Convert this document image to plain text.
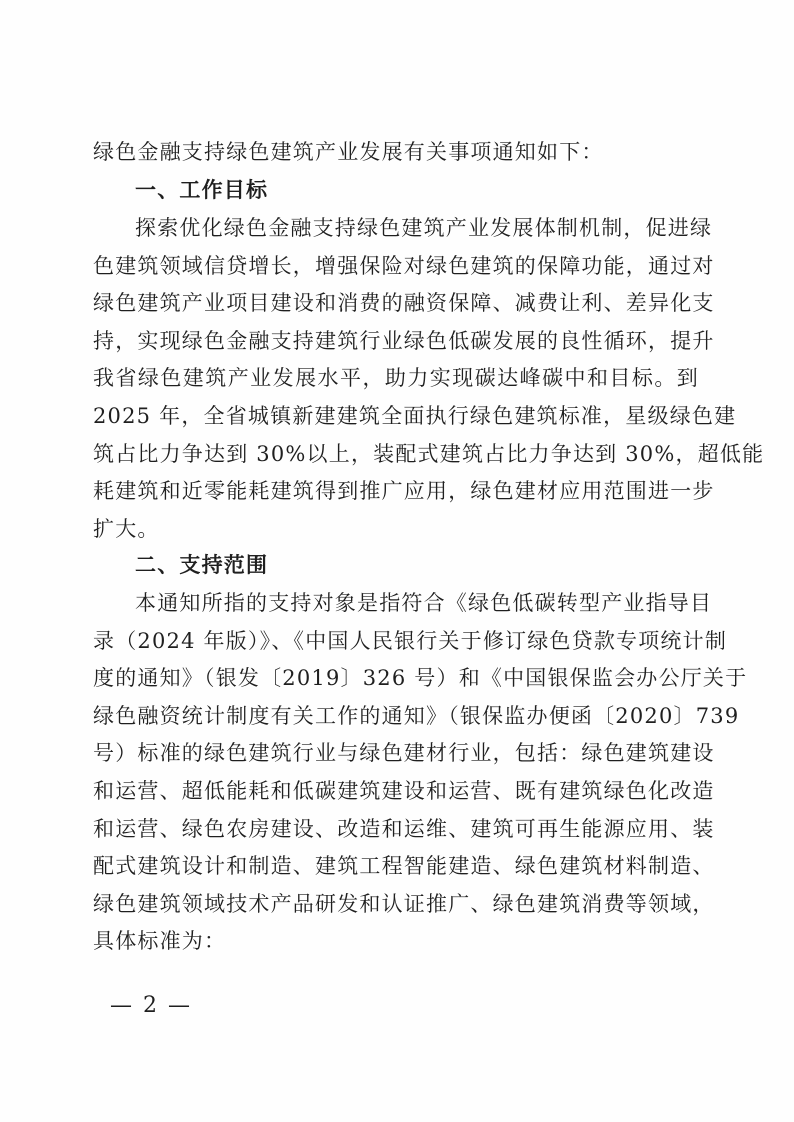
绿色金融支持绿色建筑产业发展有关事项通知如下：
一、工作目标
探索优化绿色金融支持绿色建筑产业发展体制机制，促进绿
色建筑领域信贷增长，增强保险对绿色建筑的保障功能，通过对
绿色建筑产业项目建设和消费的融资保障、减费让利、差异化支
持，实现绿色金融支持建筑行业绿色低碳发展的良性循环，提升
我省绿色建筑产业发展水平，助力实现碳达峰碳中和目标。到
2025 年，全省城镇新建建筑全面执行绿色建筑标准，星级绿色建
筑占比力争达到 30%以上，装配式建筑占比力争达到 30%，超低能
耗建筑和近零能耗建筑得到推广应用，绿色建材应用范围进一步
扩大。
二、支持范围
本通知所指的支持对象是指符合《绿色低碳转型产业指导目
录（2024 年版）》、《中国人民银行关于修订绿色贷款专项统计制
度的通知》（银发〔2019〕326 号）和《中国银保监会办公厅关于
绿色融资统计制度有关工作的通知》（银保监办便函〔2020〕739
号）标准的绿色建筑行业与绿色建材行业，包括：绿色建筑建设
和运营、超低能耗和低碳建筑建设和运营、既有建筑绿色化改造
和运营、绿色农房建设、改造和运维、建筑可再生能源应用、装
配式建筑设计和制造、建筑工程智能建造、绿色建筑材料制造、
绿色建筑领域技术产品研发和认证推广、绿色建筑消费等领域，
具体标准为：
— 2 —
